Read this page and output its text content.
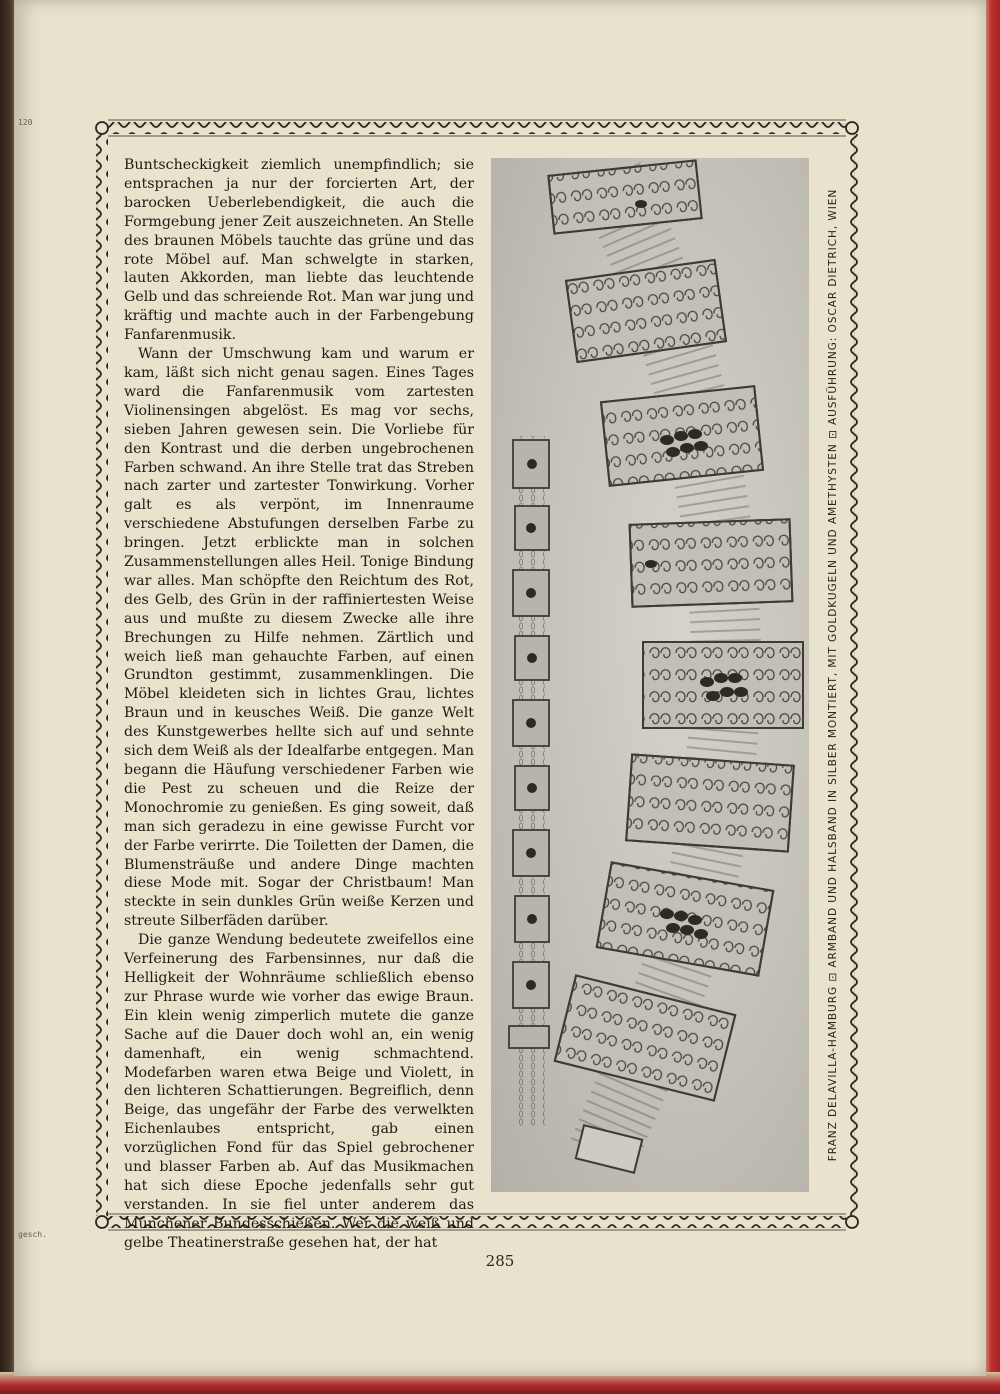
120
gesch.

Buntscheckigkeit ziemlich unempfindlich; sie entsprachen ja nur der forcierten Art, der barocken Ueberlebendigkeit, die auch die Formgebung jener Zeit auszeichneten. An Stelle des braunen Möbels tauchte das grüne und das rote Möbel auf. Man schwelgte in starken, lauten Akkorden, man liebte das leuchtende Gelb und das schreiende Rot. Man war jung und kräftig und machte auch in der Farbengebung Fanfarenmusik.

Wann der Umschwung kam und warum er kam, läßt sich nicht genau sagen. Eines Tages ward die Fanfarenmusik vom zartesten Violinensingen abgelöst. Es mag vor sechs, sieben Jahren gewesen sein. Die Vorliebe für den Kontrast und die derben ungebrochenen Farben schwand. An ihre Stelle trat das Streben nach zarter und zartester Tonwirkung. Vorher galt es als verpönt, im Innenraume verschiedene Abstufungen derselben Farbe zu bringen. Jetzt erblickte man in solchen Zusammenstellungen alles Heil. Tonige Bindung war alles. Man schöpfte den Reichtum des Rot, des Gelb, des Grün in der raffiniertesten Weise aus und mußte zu diesem Zwecke alle ihre Brechungen zu Hilfe nehmen. Zärtlich und weich ließ man gehauchte Farben, auf einen Grundton gestimmt, zusammenklingen. Die Möbel kleideten sich in lichtes Grau, lichtes Braun und in keusches Weiß. Die ganze Welt des Kunstgewerbes hellte sich auf und sehnte sich dem Weiß als der Idealfarbe entgegen. Man begann die Häufung verschiedener Farben wie die Pest zu scheuen und die Reize der Monochromie zu genießen. Es ging soweit, daß man sich geradezu in eine gewisse Furcht vor der Farbe verirrte. Die Toiletten der Damen, die Blumensträuße und andere Dinge machten diese Mode mit. Sogar der Christbaum! Man steckte in sein dunkles Grün weiße Kerzen und streute Silberfäden darüber.

Die ganze Wendung bedeutete zweifellos eine Verfeinerung des Farbensinnes, nur daß die Helligkeit der Wohnräume schließlich ebenso zur Phrase wurde wie vorher das ewige Braun. Ein klein wenig zimperlich mutete die ganze Sache auf die Dauer doch wohl an, ein wenig damenhaft, ein wenig schmachtend. Modefarben waren etwa Beige und Violett, in den lichteren Schattierungen. Begreiflich, denn Beige, das ungefähr der Farbe des verwelkten Eichenlaubes entspricht, gab einen vorzüglichen Fond für das Spiel gebrochener und blasser Farben ab. Auf das Musikmachen hat sich diese Epoche jedenfalls sehr gut verstanden. In sie fiel unter anderem das Münchener Bundesschießen. Wer die weiß und gelbe Theatinerstraße gesehen hat, der hat

FRANZ DELAVILLA-HAMBURG ⊡ ARMBAND UND HALSBAND IN SILBER MONTIERT, MIT GOLDKUGELN UND AMETHYSTEN ⊡ AUSFÜHRUNG: OSCAR DIETRICH, WIEN
285
